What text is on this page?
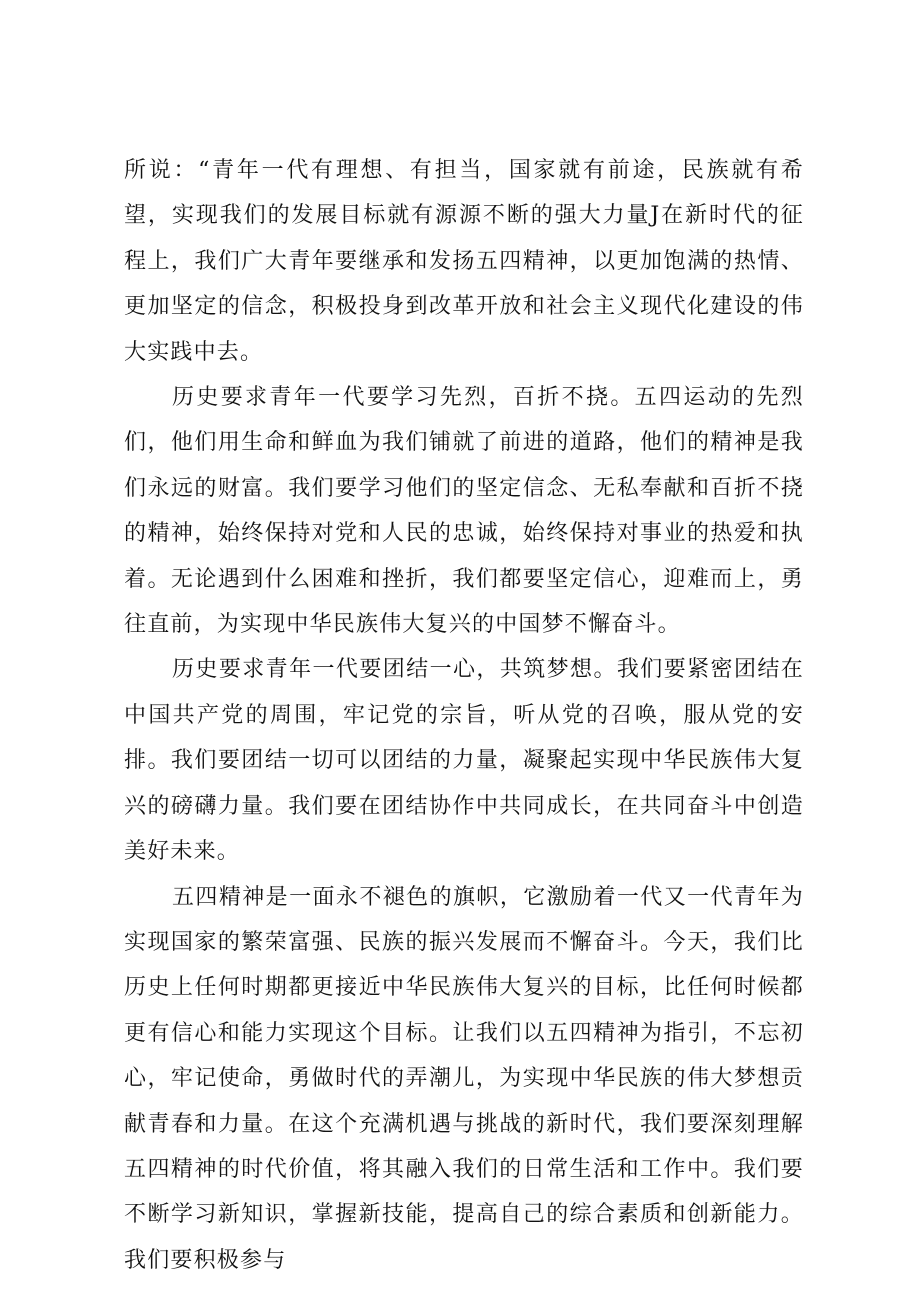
所说：“青年一代有理想、有担当，国家就有前途，民族就有希望，实现我们的发展目标就有源源不断的强大力量J在新时代的征程上，我们广大青年要继承和发扬五四精神，以更加饱满的热情、更加坚定的信念，积极投身到改革开放和社会主义现代化建设的伟大实践中去。

历史要求青年一代要学习先烈，百折不挠。五四运动的先烈们，他们用生命和鲜血为我们铺就了前进的道路，他们的精神是我们永远的财富。我们要学习他们的坚定信念、无私奉献和百折不挠的精神，始终保持对党和人民的忠诚，始终保持对事业的热爱和执着。无论遇到什么困难和挫折，我们都要坚定信心，迎难而上，勇往直前，为实现中华民族伟大复兴的中国梦不懈奋斗。

历史要求青年一代要团结一心，共筑梦想。我们要紧密团结在中国共产党的周围，牢记党的宗旨，听从党的召唤，服从党的安排。我们要团结一切可以团结的力量，凝聚起实现中华民族伟大复兴的磅礴力量。我们要在团结协作中共同成长，在共同奋斗中创造美好未来。

五四精神是一面永不褪色的旗帜，它激励着一代又一代青年为实现国家的繁荣富强、民族的振兴发展而不懈奋斗。今天，我们比历史上任何时期都更接近中华民族伟大复兴的目标，比任何时候都更有信心和能力实现这个目标。让我们以五四精神为指引，不忘初心，牢记使命，勇做时代的弄潮儿，为实现中华民族的伟大梦想贡献青春和力量。在这个充满机遇与挑战的新时代，我们要深刻理解五四精神的时代价值，将其融入我们的日常生活和工作中。我们要不断学习新知识，掌握新技能，提高自己的综合素质和创新能力。我们要积极参与
